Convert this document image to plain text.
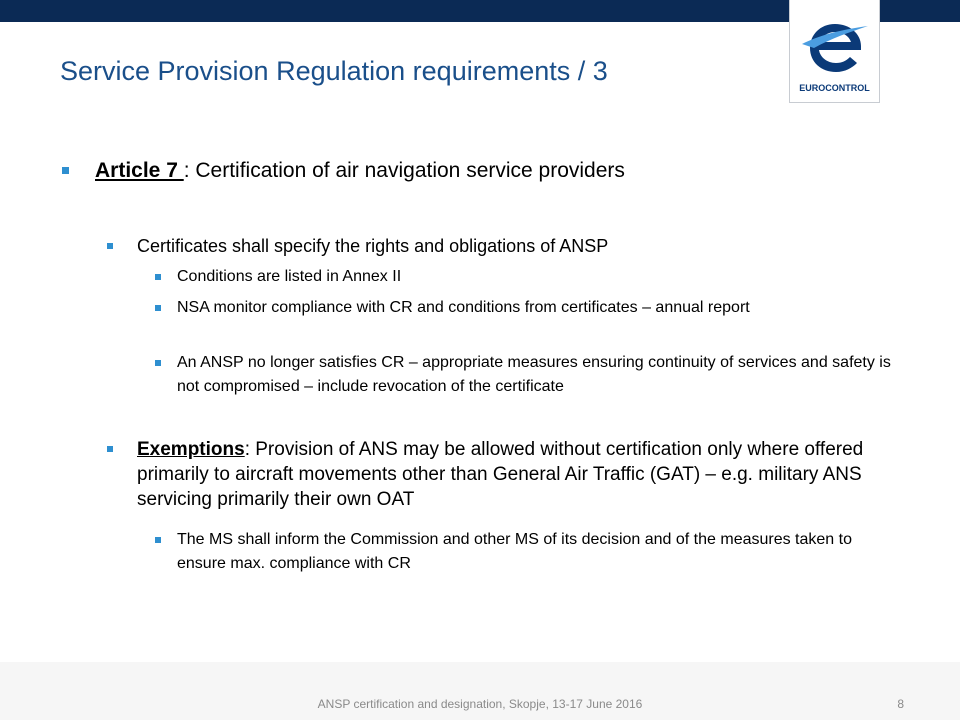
EUROCONTROL
Service Provision Regulation requirements / 3
Article 7 : Certification of air navigation service providers
Certificates shall specify the rights and obligations of ANSP
Conditions are listed in Annex II
NSA monitor compliance with CR and conditions from certificates – annual report
An ANSP no longer satisfies CR – appropriate measures ensuring continuity of services and safety is not compromised – include revocation of the certificate
Exemptions: Provision of ANS may be allowed without certification only where offered primarily to aircraft movements other than General Air Traffic (GAT) – e.g. military ANS servicing primarily their own OAT
The MS shall inform the Commission and other MS of its decision and of the measures taken to ensure max. compliance with CR
ANSP certification and designation, Skopje, 13-17 June 2016	8
